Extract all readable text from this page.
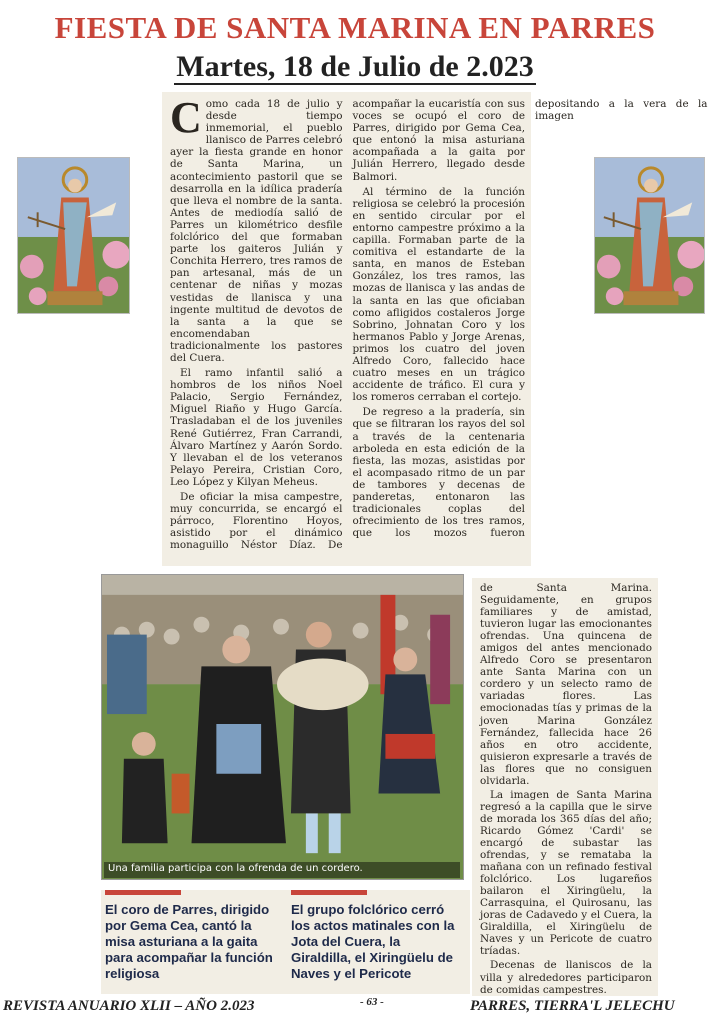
FIESTA DE SANTA MARINA EN PARRES
Martes, 18 de Julio de 2.023

Como cada 18 de julio y desde tiempo inmemorial, el pueblo llanisco de Parres celebró ayer la fiesta grande en honor de Santa Marina, un acontecimiento pastoril que se desarrolla en la idílica pradería que lleva el nombre de la santa. Antes de mediodía salió de Parres un kilométrico desfile folclórico del que formaban parte los gaiteros Julián y Conchita Herrero, tres ramos de pan artesanal, más de un centenar de niñas y mozas vestidas de llanisca y una ingente multitud de devotos de la santa a la que se encomendaban tradicionalmente los pastores del Cuera.

El ramo infantil salió a hombros de los niños Noel Palacio, Sergio Fernández, Miguel Riaño y Hugo García. Trasladaban el de los juveniles René Gutiérrez, Fran Carrandi, Álvaro Martínez y Aarón Sordo. Y llevaban el de los veteranos Pelayo Pereira, Cristian Coro, Leo López y Kilyan Meheus.

De oficiar la misa campestre, muy concurrida, se encargó el párroco, Florentino Hoyos, asistido por el dinámico monaguillo Néstor Díaz. De acompañar la eucaristía con sus voces se ocupó el coro de Parres, dirigido por Gema Cea, que entonó la misa asturiana acompañada a la gaita por Julián Herrero, llegado desde Balmori.

Al término de la función religiosa se celebró la procesión en sentido circular por el entorno campestre próximo a la capilla. Formaban parte de la comitiva el estandarte de la santa, en manos de Esteban González, los tres ramos, las mozas de llanisca y las andas de la santa en las que oficiaban como afligidos costaleros Jorge Sobrino, Johnatan Coro y los hermanos Pablo y Jorge Arenas, primos los cuatro del joven Alfredo Coro, fallecido hace cuatro meses en un trágico accidente de tráfico. El cura y los romeros cerraban el cortejo.

De regreso a la pradería, sin que se filtraran los rayos del sol a través de la centenaria arboleda en esta edición de la fiesta, las mozas, asistidas por el acompasado ritmo de un par de tambores y decenas de panderetas, entonaron las tradicionales coplas del ofrecimiento de los tres ramos, que los mozos fueron depositando a la vera de la imagen

Una familia participa con la ofrenda de un cordero.

de Santa Marina. Seguidamente, en grupos familiares y de amistad, tuvieron lugar las emocionantes ofrendas. Una quincena de amigos del antes mencionado Alfredo Coro se presentaron ante Santa Marina con un cordero y un selecto ramo de variadas flores. Las emocionadas tías y primas de la joven Marina González Fernández, fallecida hace 26 años en otro accidente, quisieron expresarle a través de las flores que no consiguen olvidarla.

La imagen de Santa Marina regresó a la capilla que le sirve de morada los 365 días del año; Ricardo Gómez 'Cardi' se encargó de subastar las ofrendas, y se remataba la mañana con un refinado festival folclórico. Los lugareños bailaron el Xiringüelu, la Carrasquina, el Quirosanu, las joras de Cadavedo y el Cuera, la Giraldilla, el Xiringüelu de Naves y un Pericote de cuatro tríadas.

Decenas de llaniscos de la villa y alrededores participaron de comidas campestres.

El coro de Parres, dirigido por Gema Cea, cantó la misa asturiana a la gaita para acompañar la función religiosa
El grupo folclórico cerró los actos matinales con la Jota del Cuera, la Giraldilla, el Xiringüelu de Naves y el Pericote
REVISTA ANUARIO XLII – AÑO 2.023	- 63 -	PARRES, TIERRA'L JELECHU
